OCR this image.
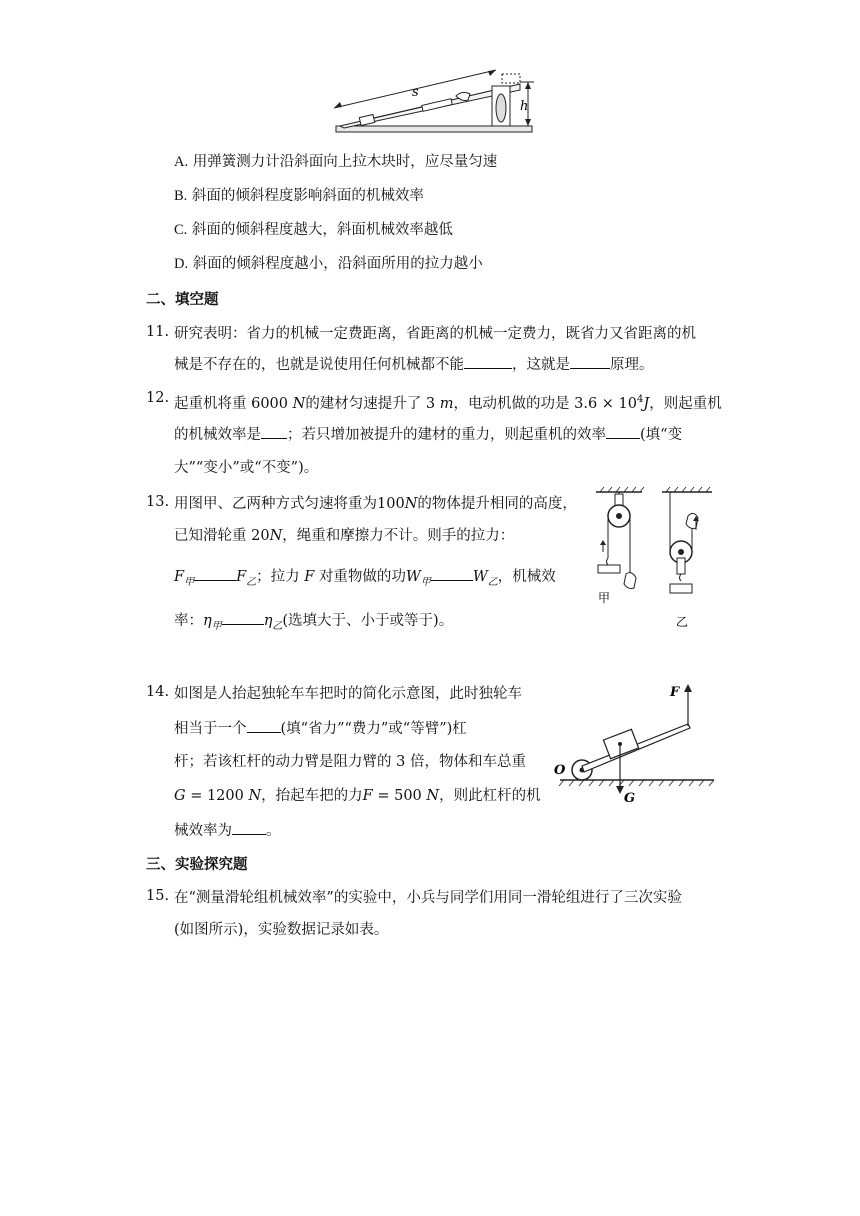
s
h
A. 用弹簧测力计沿斜面向上拉木块时，应尽量匀速
B. 斜面的倾斜程度影响斜面的机械效率
C. 斜面的倾斜程度越大，斜面机械效率越低
D. 斜面的倾斜程度越小，沿斜面所用的拉力越小
二、填空题
11. 研究表明：省力的机械一定费距离，省距离的机械一定费力，既省力又省距离的机
械是不存在的，也就是说使用任何机械都不能	，这就是	原理。
12. 起重机将重 6000 N的建材匀速提升了 3 m，电动机做的功是 $3.6 \times 10^4J$，则起重机
的机械效率是 ；若只增加被提升的建材的重力，则起重机的效率 (填“变
大”“变小”或“不变”)。
13. 用图甲、乙两种方式匀速将重为100N的物体提升相同的高度，
已知滑轮重 20N，绳重和摩擦力不计。则手的拉力：
$F_甲$	$F_乙$；拉力 F 对重物做的功$W_甲$	$W_乙$，机械效
率：$\eta_甲$	$\eta_乙$(选填大于、小于或等于)。
甲
乙
14. 如图是人抬起独轮车车把时的简化示意图，此时独轮车
相当于一个 (填“省力”“费力”或“等臂”)杠
杆；若该杠杆的动力臂是阻力臂的 3 倍，物体和车总重
G = 1200 N，抬起车把的力F = 500 N，则此杠杆的机
械效率为 。
G
F
O
三、实验探究题
15. 在“测量滑轮组机械效率”的实验中，小兵与同学们用同一滑轮组进行了三次实验
(如图所示)，实验数据记录如表。
